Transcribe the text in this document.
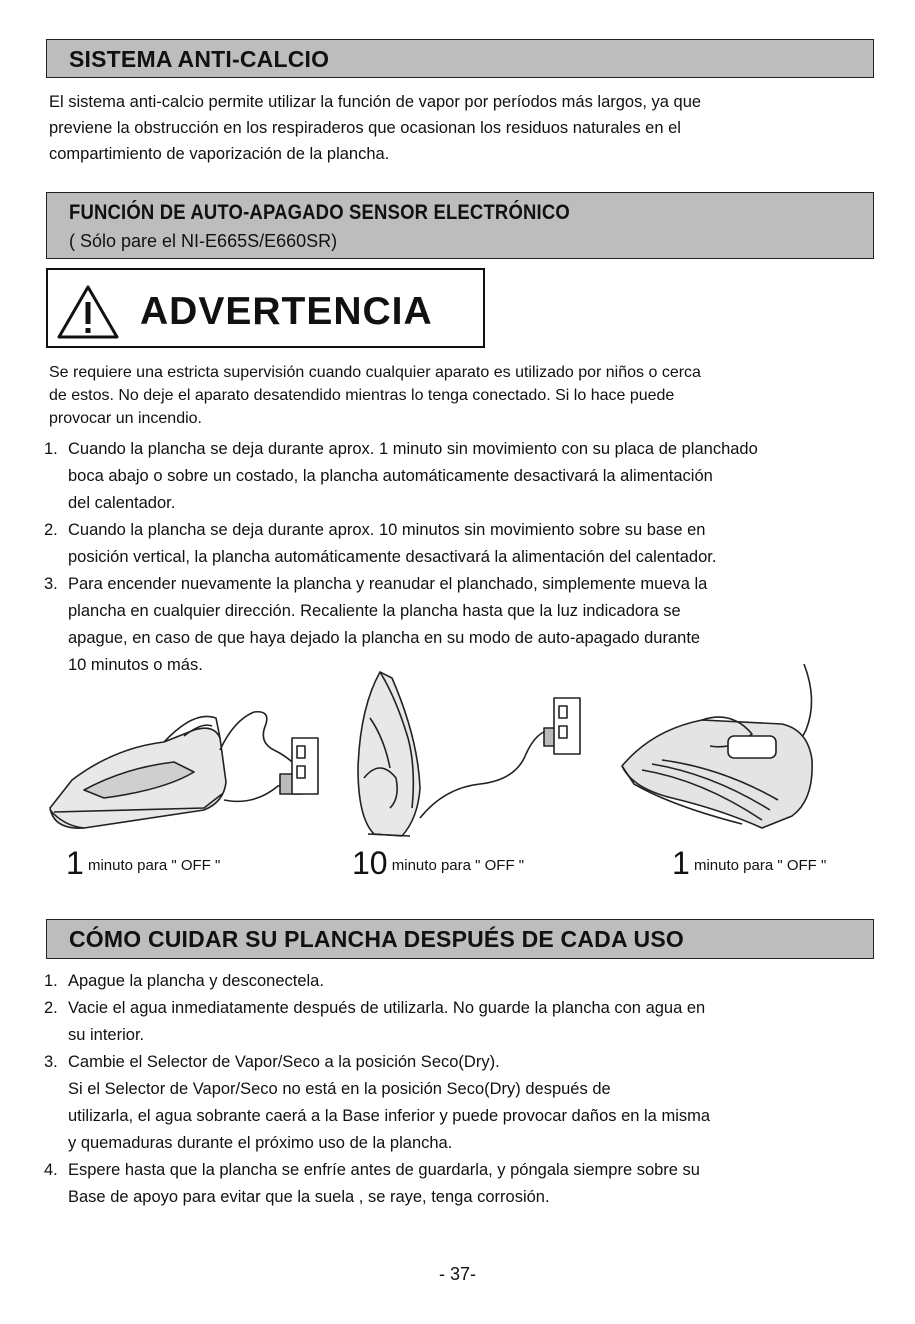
SISTEMA ANTI-CALCIO
El sistema anti-calcio permite utilizar la función de vapor por períodos más largos, ya que
previene la obstrucción en los respiraderos que ocasionan los residuos naturales en el
compartimiento de vaporización de la plancha.
FUNCIÓN DE AUTO-APAGADO SENSOR ELECTRÓNICO
( Sólo pare el NI-E665S/E660SR)
ADVERTENCIA
Se requiere una estricta supervisión cuando cualquier aparato es utilizado por niños o cerca
de estos. No deje el aparato desatendido mientras lo tenga conectado. Si lo hace puede
provocar un incendio.
1. Cuando la plancha se deja durante aprox. 1 minuto sin movimiento con su placa de planchado
boca abajo o sobre un costado, la plancha automáticamente desactivará la alimentación
del calentador.
2. Cuando la plancha se deja durante aprox. 10 minutos sin movimiento sobre su base en
posición vertical, la plancha automáticamente desactivará la alimentación del calentador.
3. Para encender nuevamente la plancha y reanudar el planchado, simplemente mueva la
plancha en cualquier dirección. Recaliente la plancha hasta que la luz indicadora se
apague, en caso de que haya dejado la plancha en su modo de auto-apagado durante
10 minutos o más.
1 minuto para " OFF "	10 minuto para " OFF "	1 minuto para " OFF "
CÓMO CUIDAR SU PLANCHA DESPUÉS DE CADA USO
1. Apague la plancha y desconectela.
2. Vacie el agua inmediatamente después de utilizarla. No guarde la plancha con agua en
su interior.
3. Cambie el Selector de Vapor/Seco a la posición Seco(Dry).
Si el Selector de Vapor/Seco no está en la posición Seco(Dry) después de
utilizarla, el agua sobrante caerá a la Base inferior y puede provocar daños en la misma
y quemaduras durante el próximo uso de la plancha.
4. Espere hasta que la plancha se enfríe antes de guardarla, y póngala siempre sobre su
Base de apoyo para evitar que la suela , se raye, tenga corrosión.
- 37-
